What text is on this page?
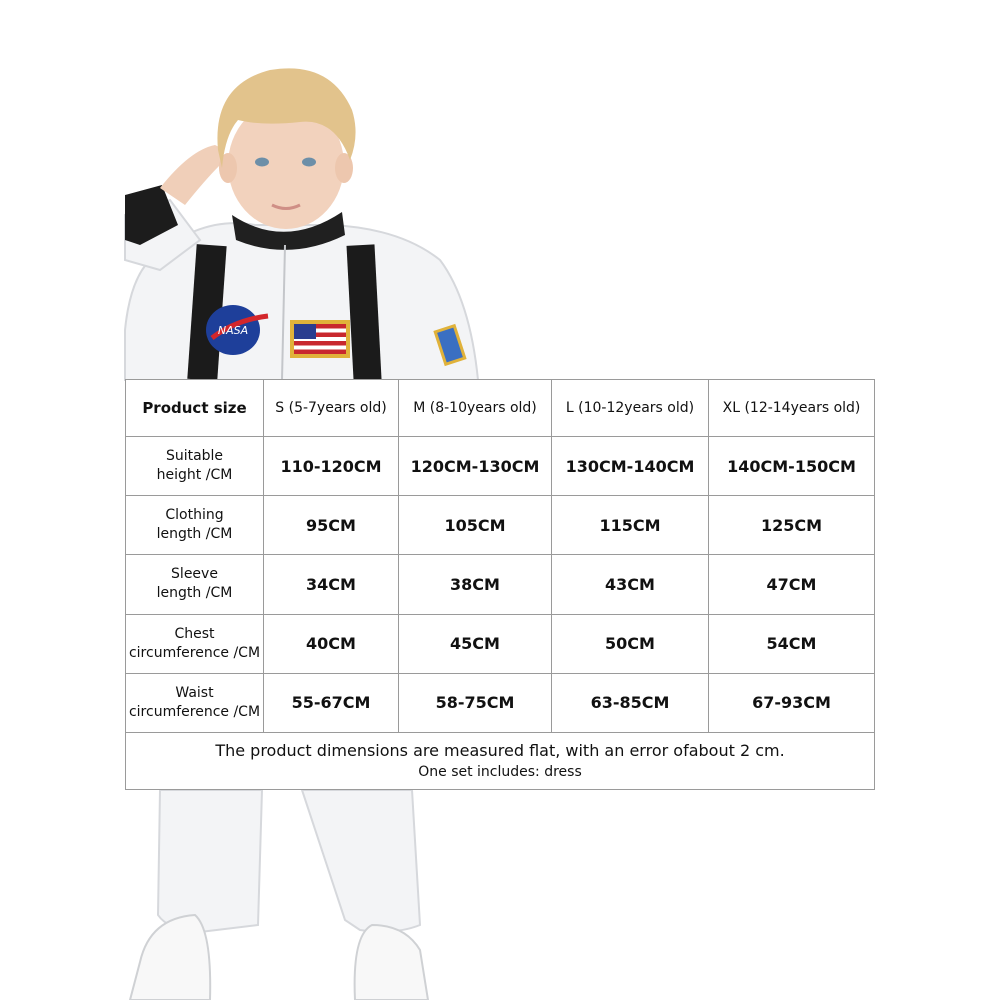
NASA
Product size	S (5-7years old)	M (8-10years old)	L (10-12years old)	XL (12-14years old)
Suitable
height /CM	110-120CM	120CM-130CM	130CM-140CM	140CM-150CM
Clothing
length /CM	95CM	105CM	115CM	125CM
Sleeve
length /CM	34CM	38CM	43CM	47CM
Chest
circumference /CM	40CM	45CM	50CM	54CM
Waist
circumference /CM	55-67CM	58-75CM	63-85CM	67-93CM

The product dimensions are measured flat, with an error ofabout 2 cm.
One set includes: dress				
